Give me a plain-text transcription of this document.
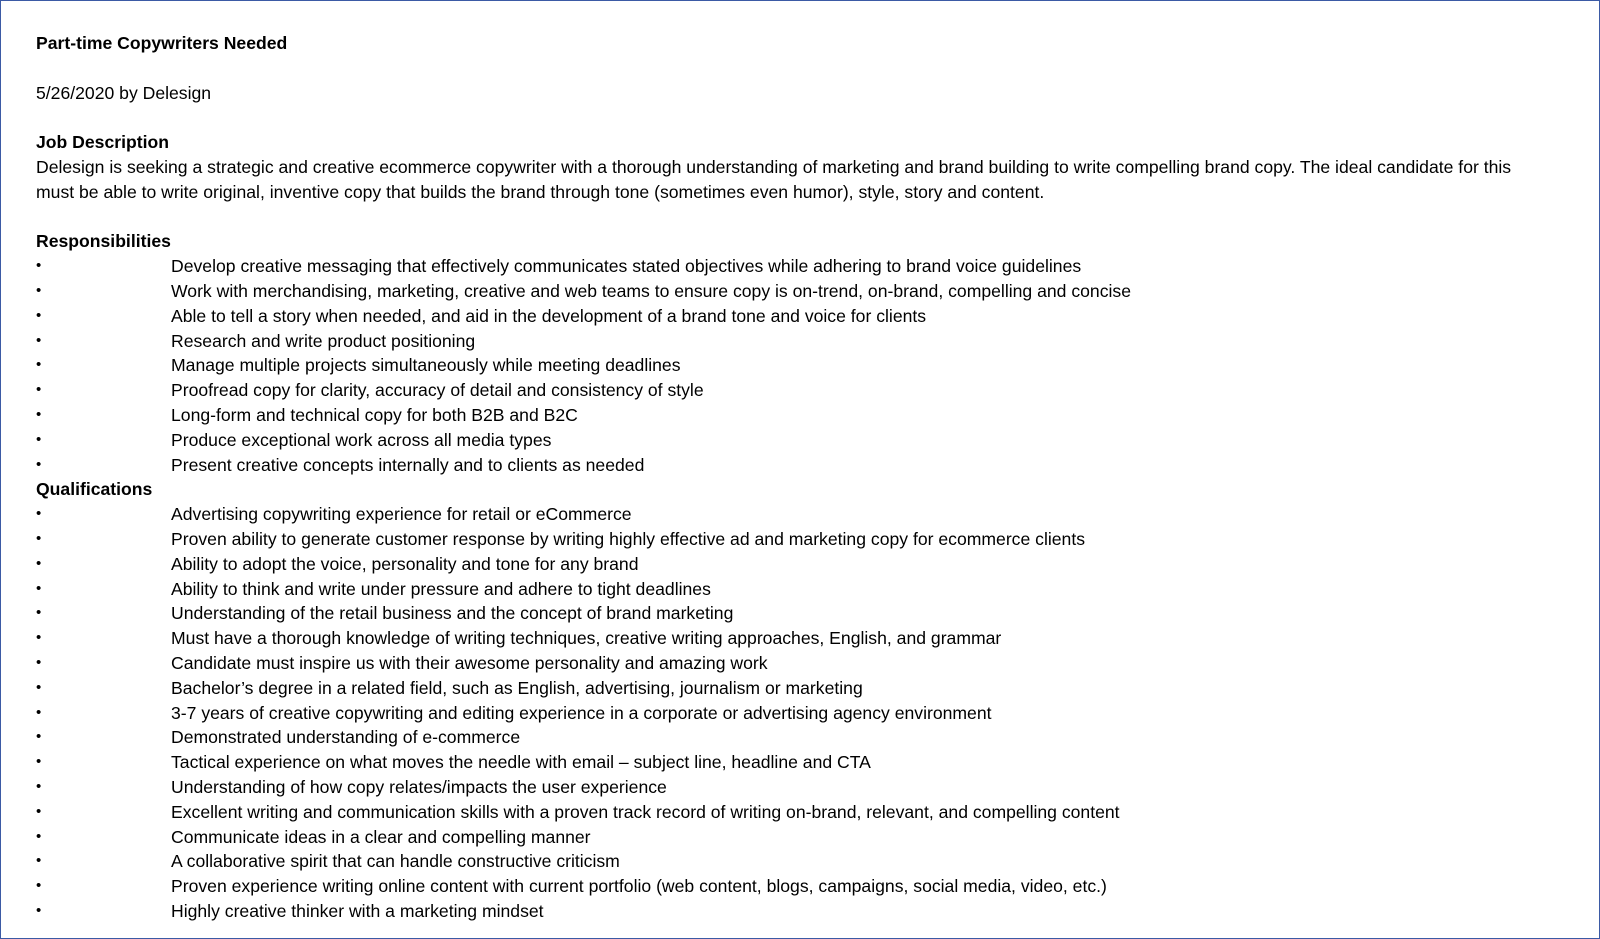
Part-time Copywriters Needed

5/26/2020 by Delesign

Job Description

Delesign is seeking a strategic and creative ecommerce copywriter with a thorough understanding of marketing and brand building to write compelling brand copy. The ideal candidate for this must be able to write original, inventive copy that builds the brand through tone (sometimes even humor), style, story and content.

Responsibilities

•	Develop creative messaging that effectively communicates stated objectives while adhering to brand voice guidelines
•	Work with merchandising, marketing, creative and web teams to ensure copy is on-trend, on-brand, compelling and concise
•	Able to tell a story when needed, and aid in the development of a brand tone and voice for clients
•	Research and write product positioning
•	Manage multiple projects simultaneously while meeting deadlines
•	Proofread copy for clarity, accuracy of detail and consistency of style
•	Long-form and technical copy for both B2B and B2C
•	Produce exceptional work across all media types
•	Present creative concepts internally and to clients as needed

Qualifications

•	Advertising copywriting experience for retail or eCommerce
•	Proven ability to generate customer response by writing highly effective ad and marketing copy for ecommerce clients
•	Ability to adopt the voice, personality and tone for any brand
•	Ability to think and write under pressure and adhere to tight deadlines
•	Understanding of the retail business and the concept of brand marketing
•	Must have a thorough knowledge of writing techniques, creative writing approaches, English, and grammar
•	Candidate must inspire us with their awesome personality and amazing work
•	Bachelor’s degree in a related field, such as English, advertising, journalism or marketing
•	3-7 years of creative copywriting and editing experience in a corporate or advertising agency environment
•	Demonstrated understanding of e-commerce
•	Tactical experience on what moves the needle with email – subject line, headline and CTA
•	Understanding of how copy relates/impacts the user experience
•	Excellent writing and communication skills with a proven track record of writing on-brand, relevant, and compelling content
•	Communicate ideas in a clear and compelling manner
•	A collaborative spirit that can handle constructive criticism
•	Proven experience writing online content with current portfolio (web content, blogs, campaigns, social media, video, etc.)
•	Highly creative thinker with a marketing mindset
